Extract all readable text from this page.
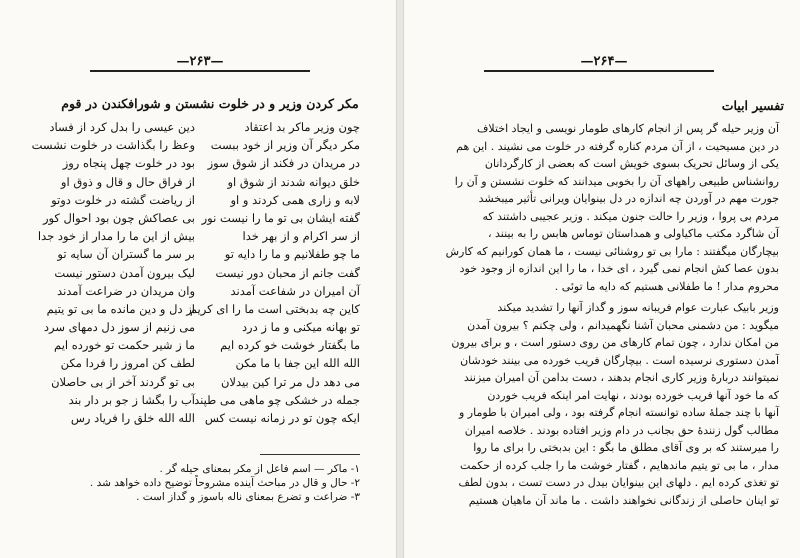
—۲۶۳—
مکر کردن وزیر و در خلوت نشستن و شورافکندن در قوم
چون وزیر ماکر بد اعتقاد
دین عیسی را بدل کرد از فساد
مکر دیگر آن وزیر از خود ببست
وعظ را بگذاشت در خلوت نشست
در مریدان در فکند از شوق سوز
بود در خلوت چهل پنجاه روز
خلق دیوانه شدند از شوق او
از فراق حال و قال و ذوق او
لابه و زاری همی کردند و او
از ریاضت گشته در خلوت دوتو
گفته ایشان بی تو ما را نیست نور
بی عصاکش چون بود احوال کور
از سر اکرام و از بهر خدا
بیش از این ما را مدار از خود جدا
ما چو طفلانیم و ما را دایه تو
بر سر ما گستران آن سایه تو
گفت جانم از محبان دور نیست
لیک بیرون آمدن دستور نیست
آن امیران در شفاعت آمدند
وان مریدان در ضراعت آمدند
کاین چه بدبختی است ما را ای کریم
از دل و دین مانده ما بی تو یتیم
تو بهانه میکنی و ما ز درد
می زنیم از سوز دل دمهای سرد
ما بگفتار خوشت خو کرده ایم
ما ز شیر حکمت تو خورده ایم
الله الله این جفا با ما مکن
لطف کن امروز را فردا مکن
می دهد دل مر ترا کین بیدلان
بی تو گردند آخر از بی حاصلان
جمله در خشکی چو ماهی می طپند
آب را بگشا ز جو بر دار بند
ایکه چون تو در زمانه نیست کس
الله الله خلق را فریاد رس
۱- ماکر — اسم فاعل از مکر بمعنای حیله گر .
۲- حال و قال در مباحث آینده مشروحاً توضیح داده خواهد شد .
۳- ضراعت و تضرع بمعنای ناله باسوز و گداز است .
—۲۶۴—
تفسیر ابیات

آن وزیر حیله گر پس از انجام کارهای طومار نویسی و ایجاد اختلاف
در دین مسیحیت ، از آن مردم کناره گرفته در خلوت می نشیند . این هم
یکی از وسائل تحریک بسوی خویش است که بعضی از کارگردانان
روانشناس طبیعی راههای آن را بخوبی میدانند که خلوت نشستن و آن را
جورت مهم در آوردن چه اندازه در دل بینوایان ویرانی تأثیر میبخشد
مردم بی پروا ، وزیر را حالت جنون میکند . وزیر عجیبی داشتند که
آن شاگرد مکتب ماکیاولی و همداستان توماس هابس را به بینند ،
بیچارگان میگفتند : مارا بی تو روشنائی نیست ، ما همان کورانیم که کارش
بدون عصا کش انجام نمی گیرد ، ای خدا ، ما را این اندازه از وجود خود
محروم مدار ! ما طفلانی هستیم که دایه ما توئی .

وزیر بابیک عبارت عوام فریبانه سوز و گداز آنها را تشدید میکند
میگوید : من دشمنی محبان آشنا نگهمیدانم ، ولی چکنم ؟ بیرون آمدن
من امکان ندارد ، چون تمام کارهای من روی دستور است ، و برای بیرون
آمدن دستوری نرسیده است . بیچارگان فریب خورده می بینند خودشان
نمیتوانند دربارۀ وزیر کاری انجام بدهند ، دست بدامن آن امیران میزنند
که ما خود آنها فریب خورده بودند ، نهایت امر اینکه فریب خوردن
آنها با چند جملۀ ساده توانسته انجام گرفته بود ، ولی امیران با طومار و
مطالب گول زنندۀ حق بجانب در دام وزیر افتاده بودند . خلاصه امیران
را میرستند که بر وی آقای مطلق ما بگو : این بدبختی را برای ما روا
مدار ، ما بی تو یتیم ماندهایم ، گفتار خوشت ما را جلب کرده از حکمت
تو تغذی کرده ایم . دلهای این بینوایان بیدل در دست تست ، بدون لطف
تو اینان حاصلی از زندگانی نخواهند داشت . ما ماند آن ماهیان هستیم
